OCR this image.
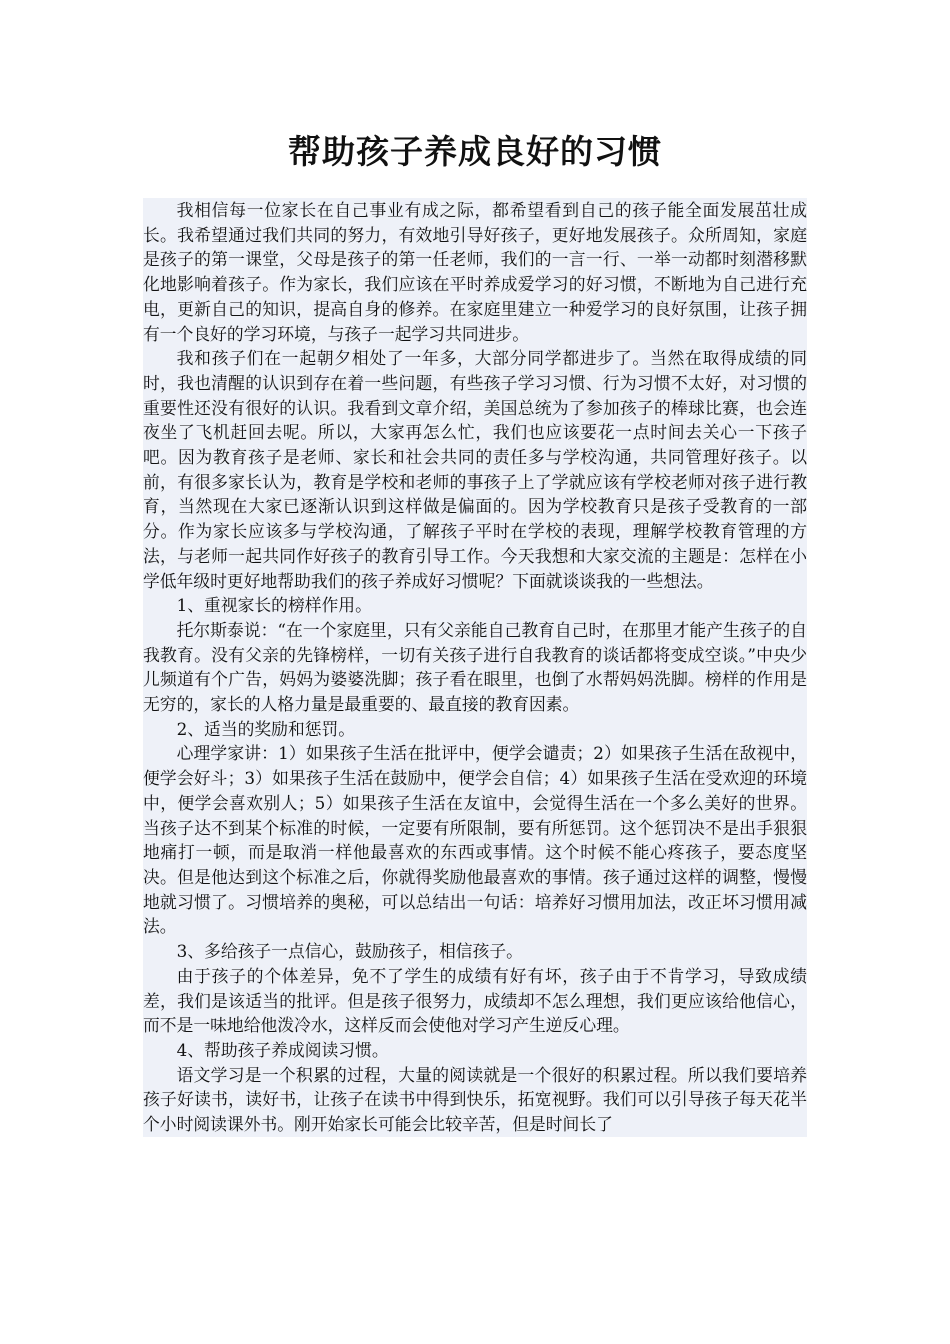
帮助孩子养成良好的习惯

我相信每一位家长在自己事业有成之际，都希望看到自己的孩子能全面发展茁壮成长。我希望通过我们共同的努力，有效地引导好孩子，更好地发展孩子。众所周知，家庭是孩子的第一课堂，父母是孩子的第一任老师，我们的一言一行、一举一动都时刻潜移默化地影响着孩子。作为家长，我们应该在平时养成爱学习的好习惯，不断地为自己进行充电，更新自己的知识，提高自身的修养。在家庭里建立一种爱学习的良好氛围，让孩子拥有一个良好的学习环境，与孩子一起学习共同进步。

我和孩子们在一起朝夕相处了一年多，大部分同学都进步了。当然在取得成绩的同时，我也清醒的认识到存在着一些问题，有些孩子学习习惯、行为习惯不太好，对习惯的重要性还没有很好的认识。我看到文章介绍，美国总统为了参加孩子的棒球比赛，也会连夜坐了飞机赶回去呢。所以，大家再怎么忙，我们也应该要花一点时间去关心一下孩子吧。因为教育孩子是老师、家长和社会共同的责任多与学校沟通，共同管理好孩子。以前，有很多家长认为，教育是学校和老师的事孩子上了学就应该有学校老师对孩子进行教育，当然现在大家已逐渐认识到这样做是偏面的。因为学校教育只是孩子受教育的一部分。作为家长应该多与学校沟通，了解孩子平时在学校的表现，理解学校教育管理的方法，与老师一起共同作好孩子的教育引导工作。今天我想和大家交流的主题是：怎样在小学低年级时更好地帮助我们的孩子养成好习惯呢？下面就谈谈我的一些想法。

1、重视家长的榜样作用。

托尔斯泰说：“在一个家庭里，只有父亲能自己教育自己时，在那里才能产生孩子的自我教育。没有父亲的先锋榜样，一切有关孩子进行自我教育的谈话都将变成空谈。”中央少儿频道有个广告，妈妈为婆婆洗脚；孩子看在眼里，也倒了水帮妈妈洗脚。榜样的作用是无穷的，家长的人格力量是最重要的、最直接的教育因素。

2、适当的奖励和惩罚。

心理学家讲：1）如果孩子生活在批评中，便学会谴责；2）如果孩子生活在敌视中，便学会好斗；3）如果孩子生活在鼓励中，便学会自信；4）如果孩子生活在受欢迎的环境中，便学会喜欢别人；5）如果孩子生活在友谊中，会觉得生活在一个多么美好的世界。当孩子达不到某个标准的时候，一定要有所限制，要有所惩罚。这个惩罚决不是出手狠狠地痛打一顿，而是取消一样他最喜欢的东西或事情。这个时候不能心疼孩子，要态度坚决。但是他达到这个标准之后，你就得奖励他最喜欢的事情。孩子通过这样的调整，慢慢地就习惯了。习惯培养的奥秘，可以总结出一句话：培养好习惯用加法，改正坏习惯用减法。

3、多给孩子一点信心，鼓励孩子，相信孩子。

由于孩子的个体差异，免不了学生的成绩有好有坏，孩子由于不肯学习，导致成绩差，我们是该适当的批评。但是孩子很努力，成绩却不怎么理想，我们更应该给他信心，而不是一味地给他泼冷水，这样反而会使他对学习产生逆反心理。

4、帮助孩子养成阅读习惯。

语文学习是一个积累的过程，大量的阅读就是一个很好的积累过程。所以我们要培养孩子好读书，读好书，让孩子在读书中得到快乐，拓宽视野。我们可以引导孩子每天花半个小时阅读课外书。刚开始家长可能会比较辛苦，但是时间长了
